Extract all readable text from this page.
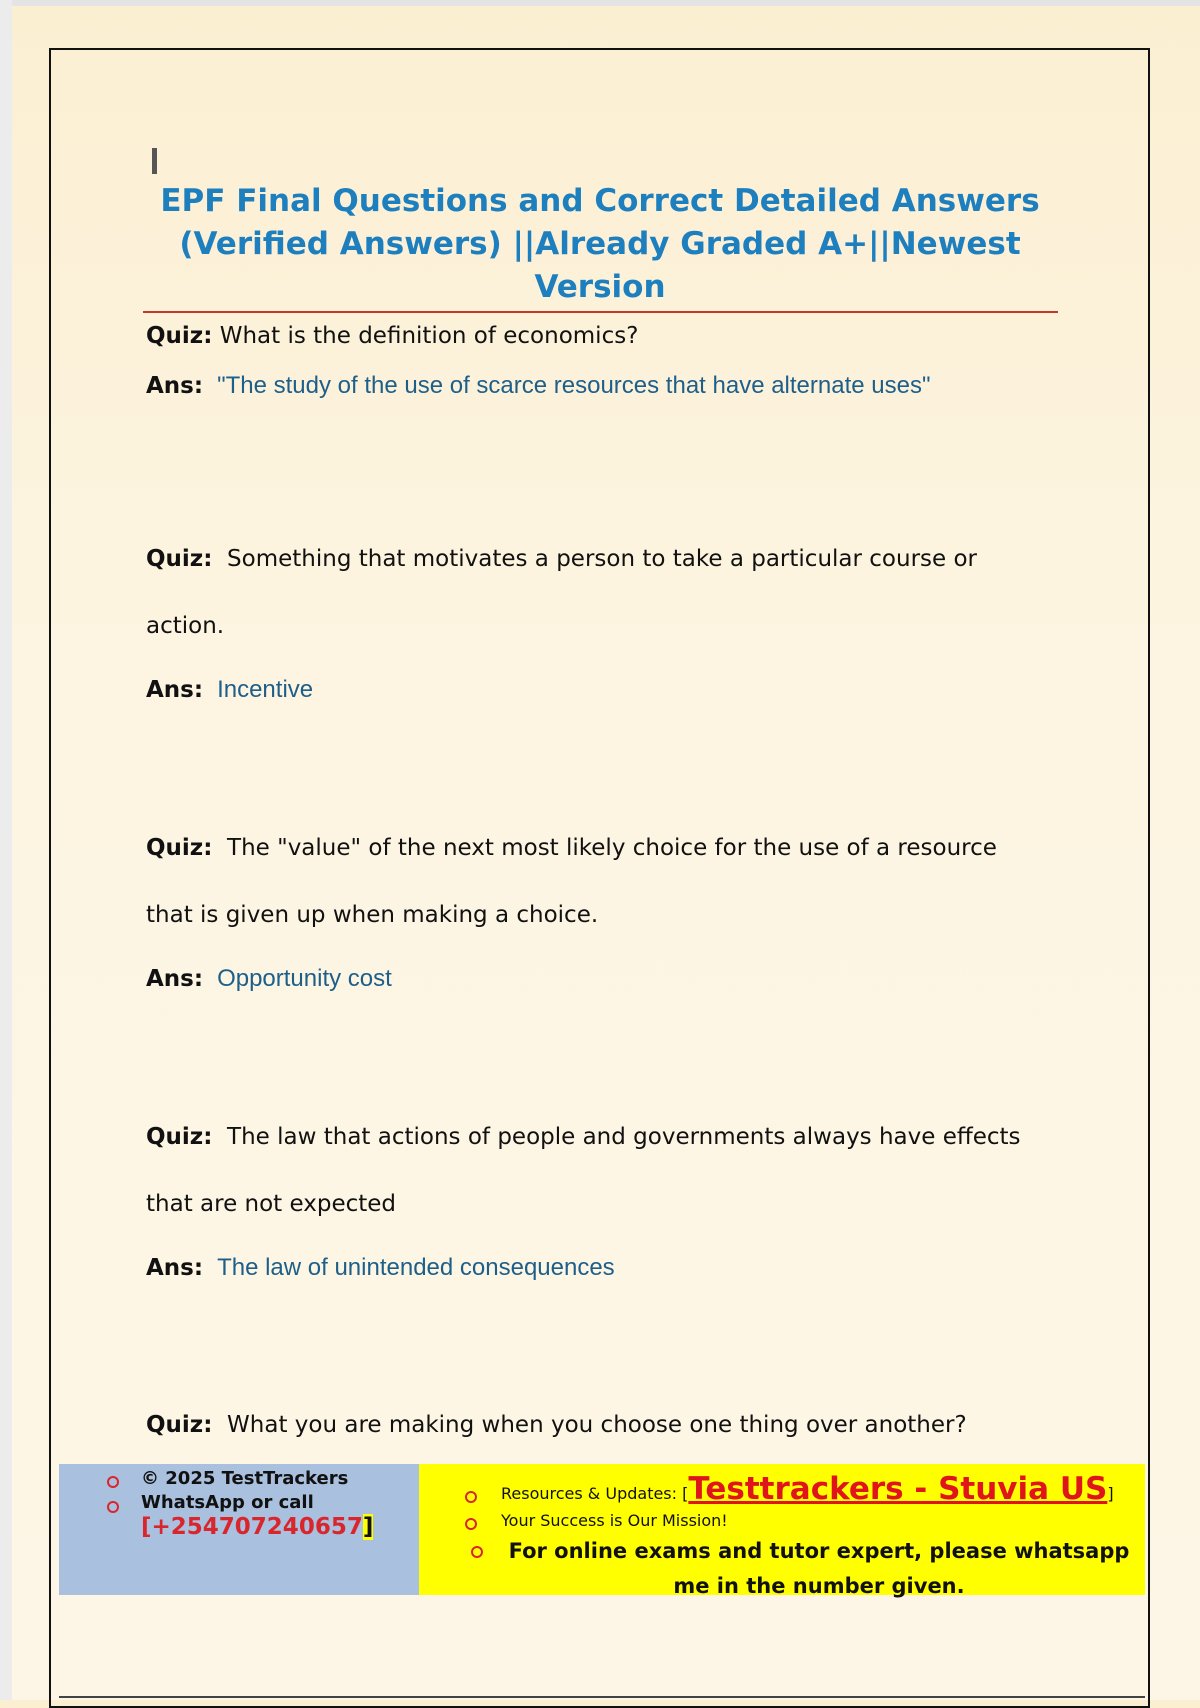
EPF Final Questions and Correct Detailed Answers
(Verified Answers) ||Already Graded A+||Newest
Version
Quiz: What is the definition of economics?
Ans: "The study of the use of scarce resources that have alternate uses"
Quiz: Something that motivates a person to take a particular course or
action.
Ans: Incentive
Quiz: The "value" of the next most likely choice for the use of a resource
that is given up when making a choice.
Ans: Opportunity cost
Quiz: The law that actions of people and governments always have effects
that are not expected
Ans: The law of unintended consequences
Quiz: What you are making when you choose one thing over another?
© 2025 TestTrackers
WhatsApp or call
[+254707240657]
Resources & Updates: [Testtrackers - Stuvia US]
Your Success is Our Mission!
For online exams and tutor expert, please whatsapp
me in the number given.
